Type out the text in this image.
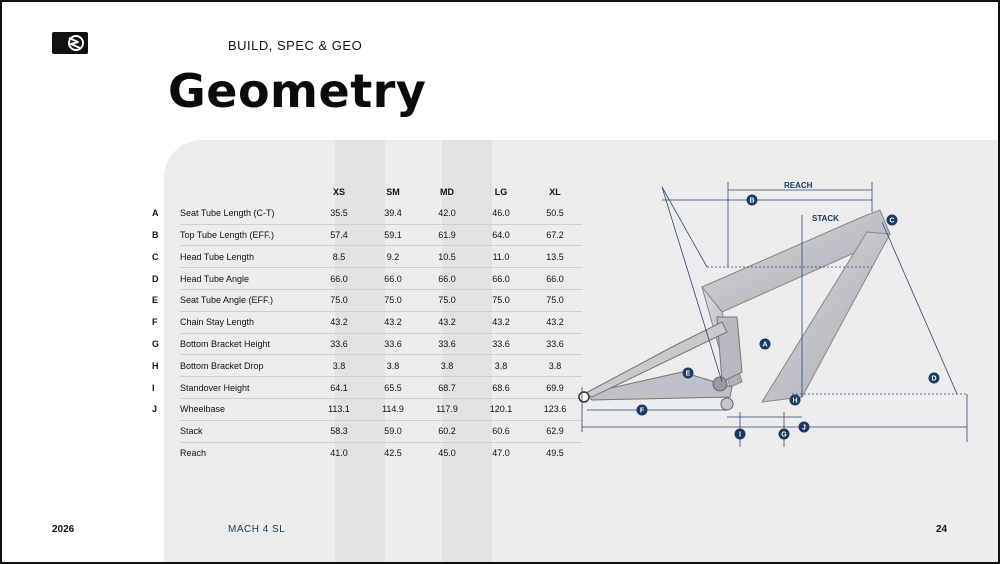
BUILD, SPEC & GEO
Geometry
		XS	SM	MD	LG	XL
A	Seat Tube Length (C-T)	35.5	39.4	42.0	46.0	50.5
B	Top Tube Length (EFF.)	57.4	59.1	61.9	64.0	67.2
C	Head Tube Length	8.5	9.2	10.5	11.0	13.5
D	Head Tube Angle	66.0	66.0	66.0	66.0	66.0
E	Seat Tube Angle (EFF.)	75.0	75.0	75.0	75.0	75.0
F	Chain Stay Length	43.2	43.2	43.2	43.2	43.2
G	Bottom Bracket Height	33.6	33.6	33.6	33.6	33.6
H	Bottom Bracket Drop	3.8	3.8	3.8	3.8	3.8
I	Standover Height	64.1	65.5	68.7	68.6	69.9
J	Wheelbase	113.1	114.9	117.9	120.1	123.6
	Stack	58.3	59.0	60.2	60.6	62.9
	Reach	41.0	42.5	45.0	47.0	49.5
REACH
STACK
A
B
C
D
E
F
G
H
I
J
2026	MACH 4 SL	24
